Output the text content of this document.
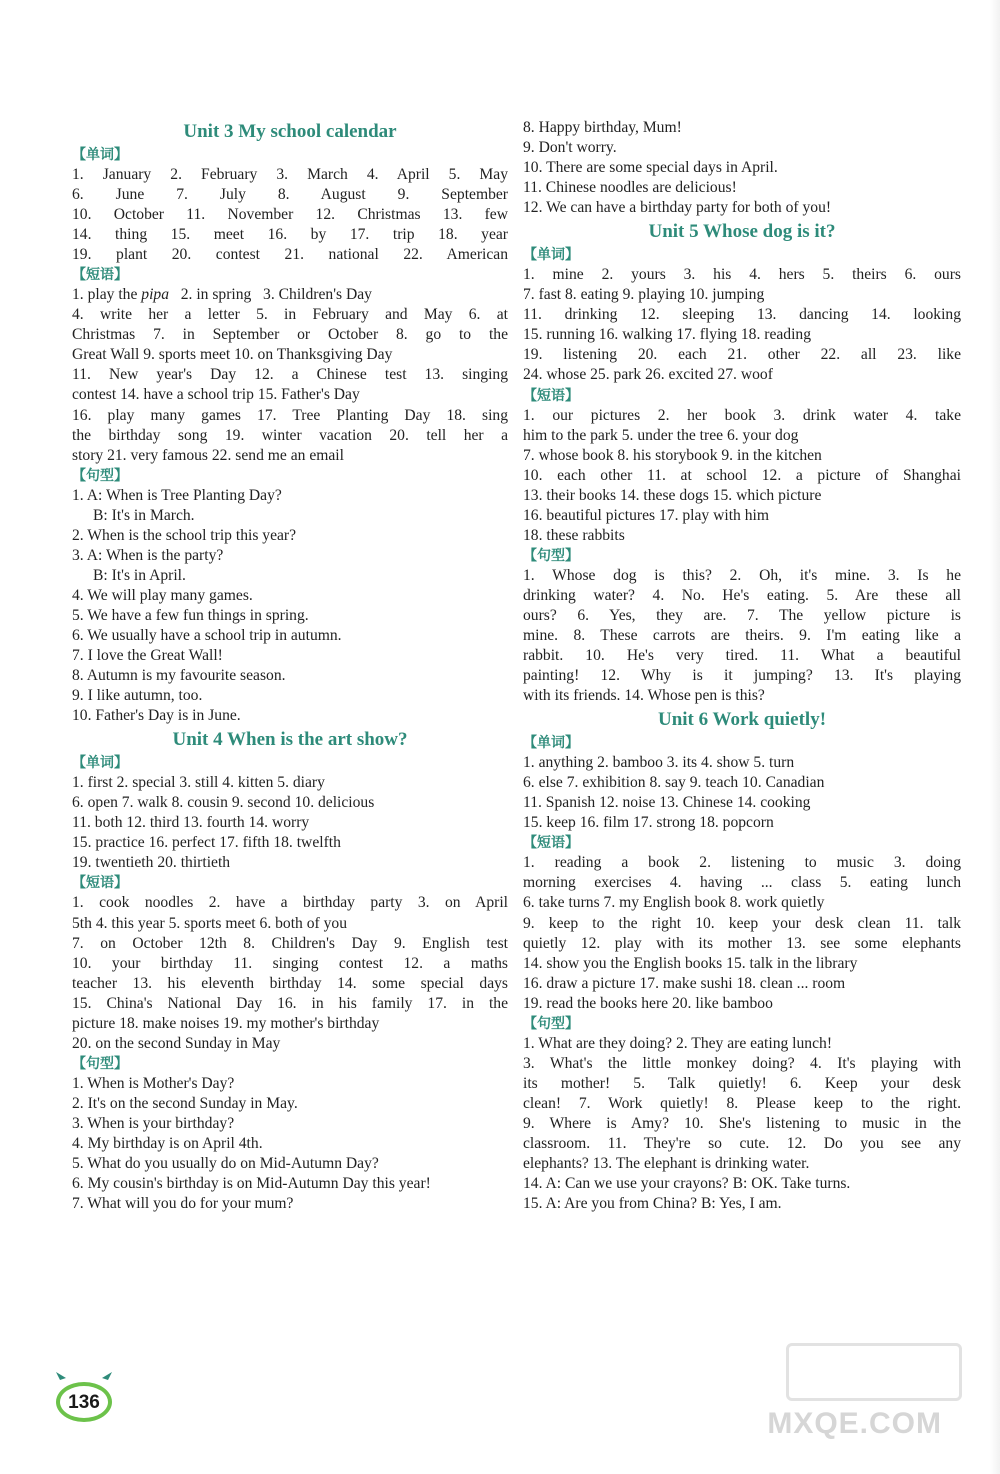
Unit 3 My school calendar
【单词】
1. January 2. February 3. March 4. April 5. May
6. June 7. July 8. August 9. September
10. October 11. November 12. Christmas 13. few
14. thing 15. meet 16. by 17. trip 18. year
19. plant 20. contest 21. national 22. American
【短语】
1. play the pipa   2. in spring   3. Children's Day
4. write her a letter 5. in February and May 6. at
Christmas 7. in September or October 8. go to the
Great Wall 9. sports meet 10. on Thanksgiving Day
11. New year's Day 12. a Chinese test 13. singing
contest 14. have a school trip 15. Father's Day
16. play many games 17. Tree Planting Day 18. sing
the birthday song 19. winter vacation 20. tell her a
story 21. very famous 22. send me an email
【句型】
1. A: When is Tree Planting Day?
B: It's in March.
2. When is the school trip this year?
3. A: When is the party?
B: It's in April.
4. We will play many games.
5. We have a few fun things in spring.
6. We usually have a school trip in autumn.
7. I love the Great Wall!
8. Autumn is my favourite season.
9. I like autumn, too.
10. Father's Day is in June.
Unit 4 When is the art show?
【单词】
1. first 2. special 3. still 4. kitten 5. diary
6. open 7. walk 8. cousin 9. second 10. delicious
11. both 12. third 13. fourth 14. worry
15. practice 16. perfect 17. fifth 18. twelfth
19. twentieth 20. thirtieth
【短语】
1. cook noodles 2. have a birthday party 3. on April
5th 4. this year 5. sports meet 6. both of you
7. on October 12th 8. Children's Day 9. English test
10. your birthday 11. singing contest 12. a maths
teacher 13. his eleventh birthday 14. some special days
15. China's National Day 16. in his family 17. in the
picture 18. make noises 19. my mother's birthday
20. on the second Sunday in May
【句型】
1. When is Mother's Day?
2. It's on the second Sunday in May.
3. When is your birthday?
4. My birthday is on April 4th.
5. What do you usually do on Mid-Autumn Day?
6. My cousin's birthday is on Mid-Autumn Day this year!
7. What will you do for your mum?
8. Happy birthday, Mum!
9. Don't worry.
10. There are some special days in April.
11. Chinese noodles are delicious!
12. We can have a birthday party for both of you!
Unit 5 Whose dog is it?
【单词】
1. mine 2. yours 3. his 4. hers 5. theirs 6. ours
7. fast 8. eating 9. playing 10. jumping
11. drinking 12. sleeping 13. dancing 14. looking
15. running 16. walking 17. flying 18. reading
19. listening 20. each 21. other 22. all 23. like
24. whose 25. park 26. excited 27. woof
【短语】
1. our pictures 2. her book 3. drink water 4. take
him to the park 5. under the tree 6. your dog
7. whose book 8. his storybook 9. in the kitchen
10. each other 11. at school 12. a picture of Shanghai
13. their books 14. these dogs 15. which picture
16. beautiful pictures 17. play with him
18. these rabbits
【句型】
1. Whose dog is this? 2. Oh, it's mine. 3. Is he
drinking water? 4. No. He's eating. 5. Are these all
ours? 6. Yes, they are. 7. The yellow picture is
mine. 8. These carrots are theirs. 9. I'm eating like a
rabbit. 10. He's very tired. 11. What a beautiful
painting! 12. Why is it jumping? 13. It's playing
with its friends. 14. Whose pen is this?
Unit 6 Work quietly!
【单词】
1. anything 2. bamboo 3. its 4. show 5. turn
6. else 7. exhibition 8. say 9. teach 10. Canadian
11. Spanish 12. noise 13. Chinese 14. cooking
15. keep 16. film 17. strong 18. popcorn
【短语】
1. reading a book 2. listening to music 3. doing
morning exercises 4. having ... class 5. eating lunch
6. take turns 7. my English book 8. work quietly
9. keep to the right 10. keep your desk clean 11. talk
quietly 12. play with its mother 13. see some elephants
14. show you the English books 15. talk in the library
16. draw a picture 17. make sushi 18. clean ... room
19. read the books here 20. like bamboo
【句型】
1. What are they doing? 2. They are eating lunch!
3. What's the little monkey doing? 4. It's playing with
its mother! 5. Talk quietly! 6. Keep your desk
clean! 7. Work quietly! 8. Please keep to the right.
9. Where is Amy? 10. She's listening to music in the
classroom. 11. They're so cute. 12. Do you see any
elephants? 13. The elephant is drinking water.
14. A: Can we use your crayons? B: OK. Take turns.
15. A: Are you from China? B: Yes, I am.
136
MXQE.COM
